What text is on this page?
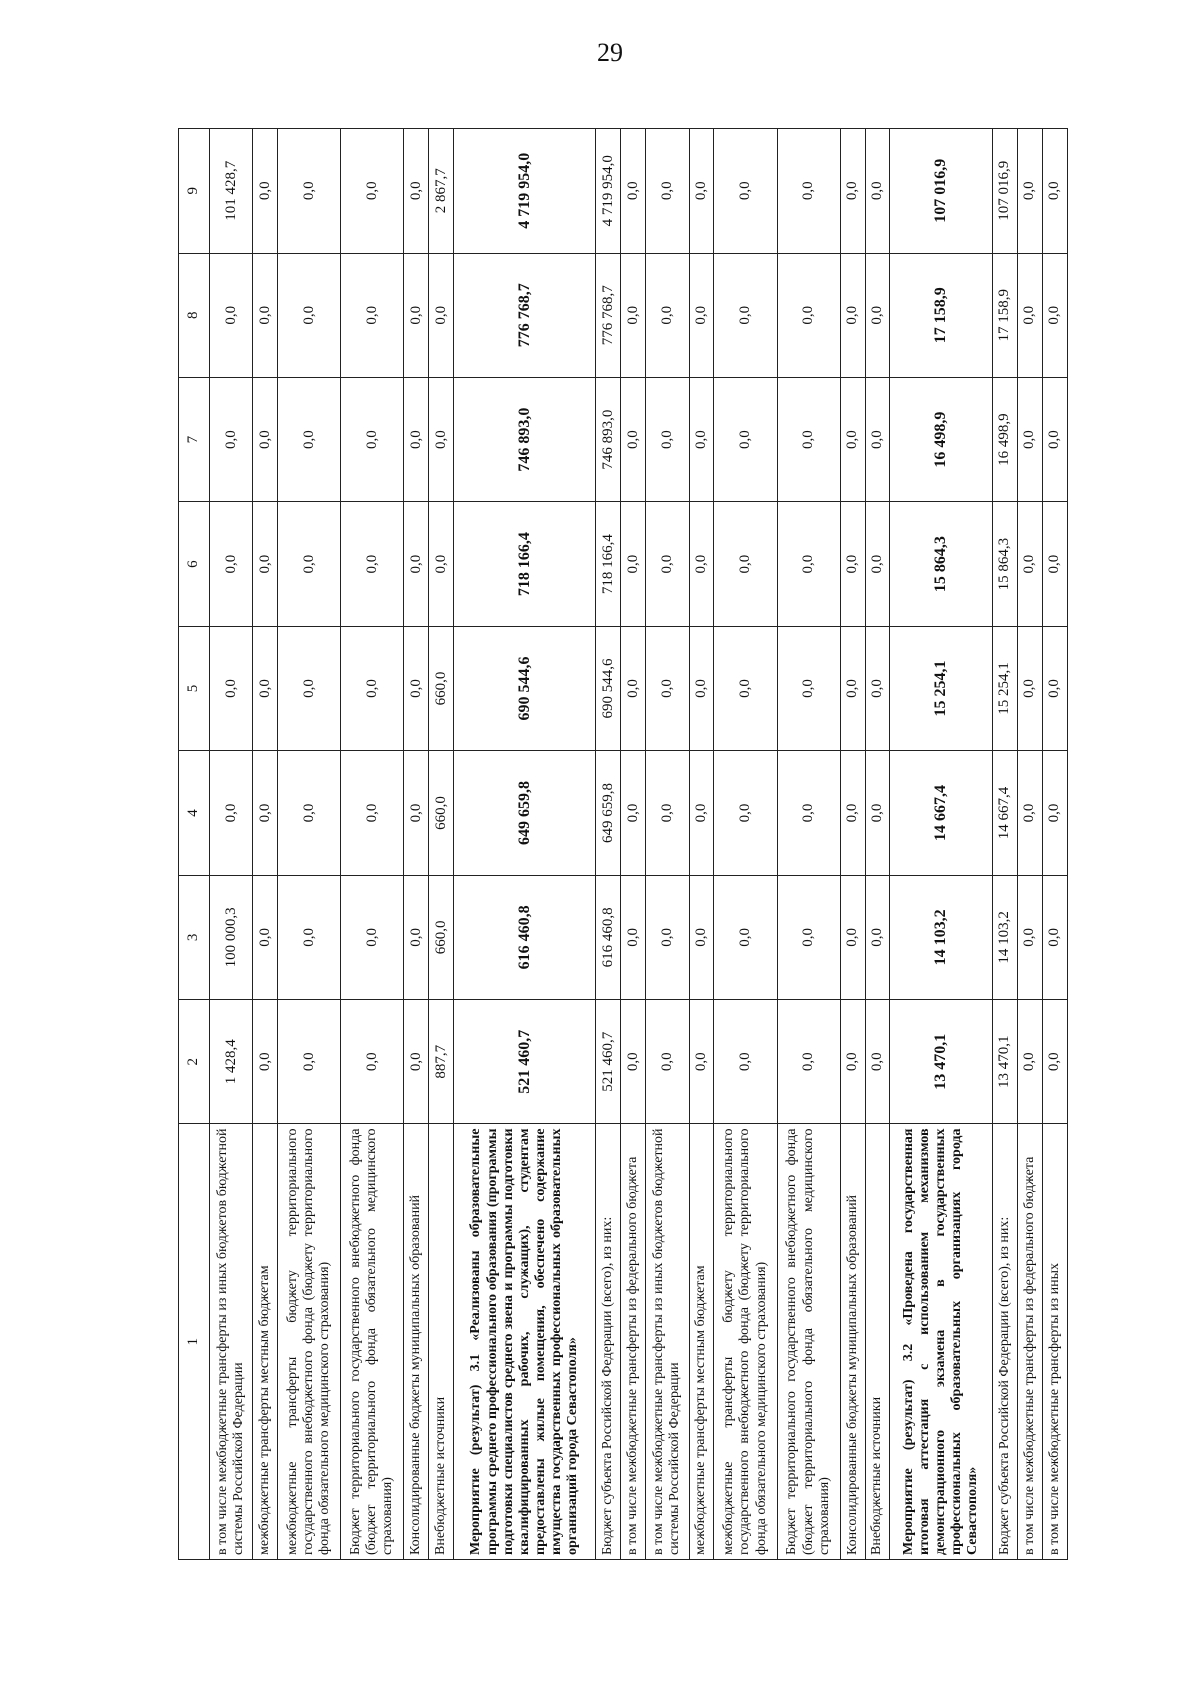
29
1	2	3	4	5	6	7	8	9
в том числе межбюджетные трансферты из иных бюджетов бюджетной системы Российской Федерации	1 428,4	100 000,3	0,0	0,0	0,0	0,0	0,0	101 428,7
межбюджетные трансферты местным бюджетам	0,0	0,0	0,0	0,0	0,0	0,0	0,0	0,0
межбюджетные трансферты бюджету территориального государственного внебюджетного фонда (бюджету территориального фонда обязательного медицинского страхования)	0,0	0,0	0,0	0,0	0,0	0,0	0,0	0,0
Бюджет территориального государственного внебюджетного фонда (бюджет территориального фонда обязательного медицинского страхования)	0,0	0,0	0,0	0,0	0,0	0,0	0,0	0,0
Консолидированные бюджеты муниципальных образований	0,0	0,0	0,0	0,0	0,0	0,0	0,0	0,0
Внебюджетные источники	887,7	660,0	660,0	660,0	0,0	0,0	0,0	2 867,7
Мероприятие (результат) 3.1 «Реализованы образовательные программы среднего профессионального образования (программы подготовки специалистов среднего звена и программы подготовки квалифицированных рабочих, служащих), студентам предоставлены жилые помещения, обеспечено содержание имущества государственных профессиональных образовательных организаций города Севастополя»	521 460,7	616 460,8	649 659,8	690 544,6	718 166,4	746 893,0	776 768,7	4 719 954,0
Бюджет субъекта Российской Федерации (всего), из них:	521 460,7	616 460,8	649 659,8	690 544,6	718 166,4	746 893,0	776 768,7	4 719 954,0
в том числе межбюджетные трансферты из федерального бюджета	0,0	0,0	0,0	0,0	0,0	0,0	0,0	0,0
в том числе межбюджетные трансферты из иных бюджетов бюджетной системы Российской Федерации	0,0	0,0	0,0	0,0	0,0	0,0	0,0	0,0
межбюджетные трансферты местным бюджетам	0,0	0,0	0,0	0,0	0,0	0,0	0,0	0,0
межбюджетные трансферты бюджету территориального государственного внебюджетного фонда (бюджету территориального фонда обязательного медицинского страхования)	0,0	0,0	0,0	0,0	0,0	0,0	0,0	0,0
Бюджет территориального государственного внебюджетного фонда (бюджет территориального фонда обязательного медицинского страхования)	0,0	0,0	0,0	0,0	0,0	0,0	0,0	0,0
Консолидированные бюджеты муниципальных образований	0,0	0,0	0,0	0,0	0,0	0,0	0,0	0,0
Внебюджетные источники	0,0	0,0	0,0	0,0	0,0	0,0	0,0	0,0
Мероприятие (результат) 3.2 «Проведена государственная итоговая аттестация с использованием механизмов демонстрационного экзамена в государственных профессиональных образовательных организациях города Севастополя»	13 470,1	14 103,2	14 667,4	15 254,1	15 864,3	16 498,9	17 158,9	107 016,9
Бюджет субъекта Российской Федерации (всего), из них:	13 470,1	14 103,2	14 667,4	15 254,1	15 864,3	16 498,9	17 158,9	107 016,9
в том числе межбюджетные трансферты из федерального бюджета	0,0	0,0	0,0	0,0	0,0	0,0	0,0	0,0
в том числе межбюджетные трансферты из иных	0,0	0,0	0,0	0,0	0,0	0,0	0,0	0,0
